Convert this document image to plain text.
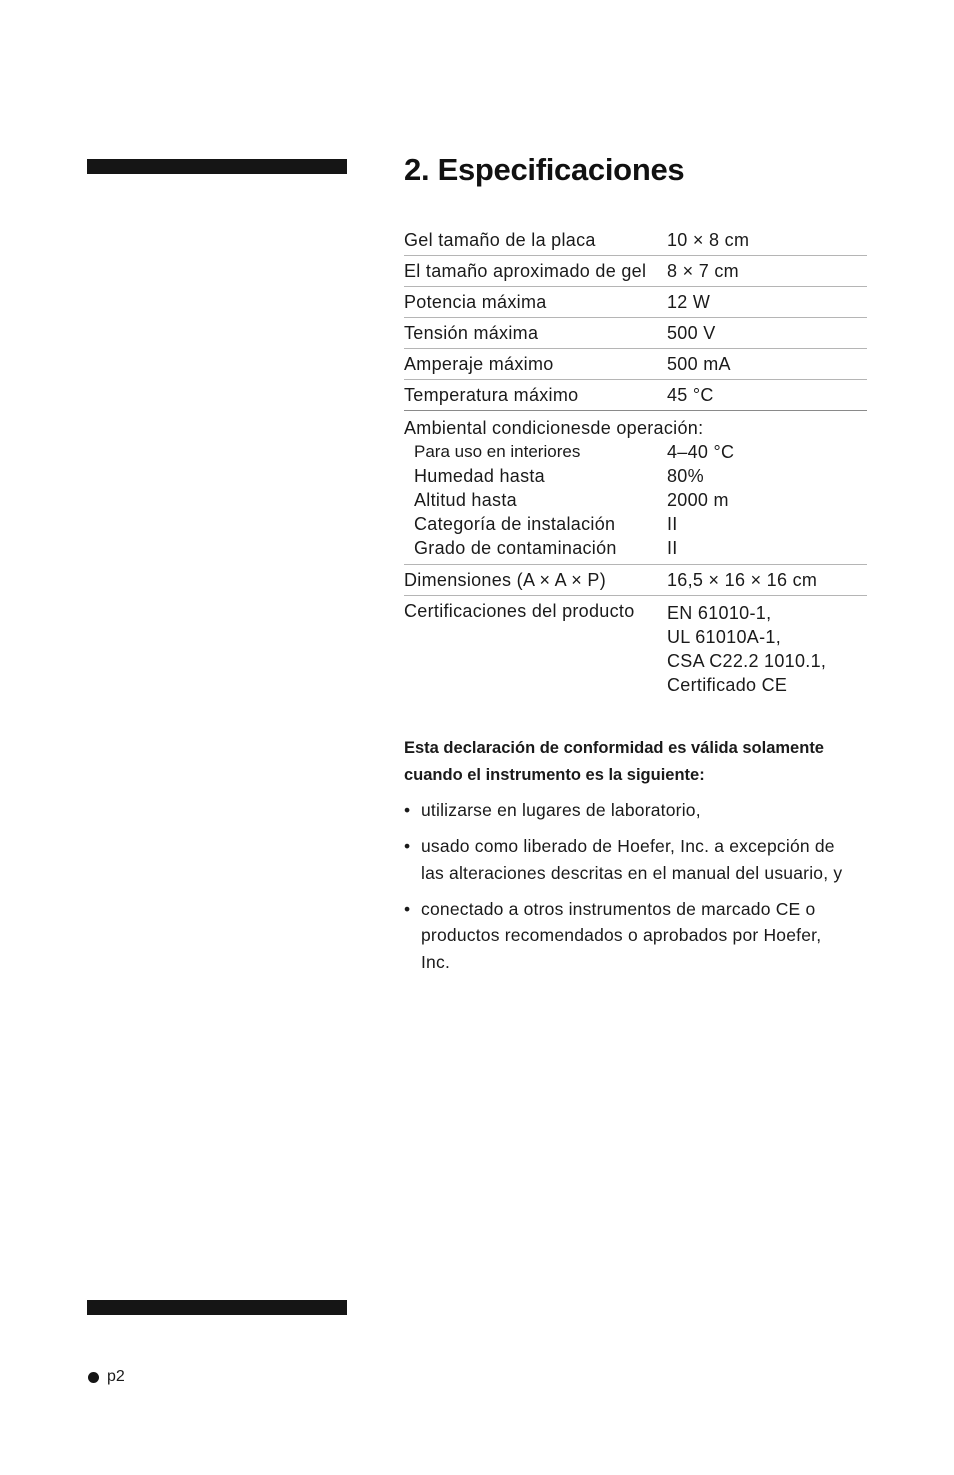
2. Especificaciones
Gel tamaño de la placa	10 × 8 cm
El tamaño aproximado de gel	8 × 7 cm
Potencia máxima	12 W
Tensión máxima	500 V
Amperaje máximo	500 mA
Temperatura máximo	45 °C
Ambiental condicionesde operación:
Para uso en interiores	4–40 °C
Humedad hasta	80%
Altitud hasta	2000 m
Categoría de instalación	II
Grado de contaminación	II
Dimensiones (A × A × P)	16,5 × 16 × 16 cm
Certificaciones del producto	EN 61010-1,
UL 61010A-1,
CSA C22.2 1010.1,
Certificado CE

Esta declaración de conformidad es válida solamente cuando el instrumento es la siguiente:

• utilizarse en lugares de laboratorio,
• usado como liberado de Hoefer, Inc. a excepción de las alteraciones descritas en el manual del usuario, y
• conectado a otros instrumentos de marcado CE o productos recomendados o aprobados por Hoefer, Inc.
p2
